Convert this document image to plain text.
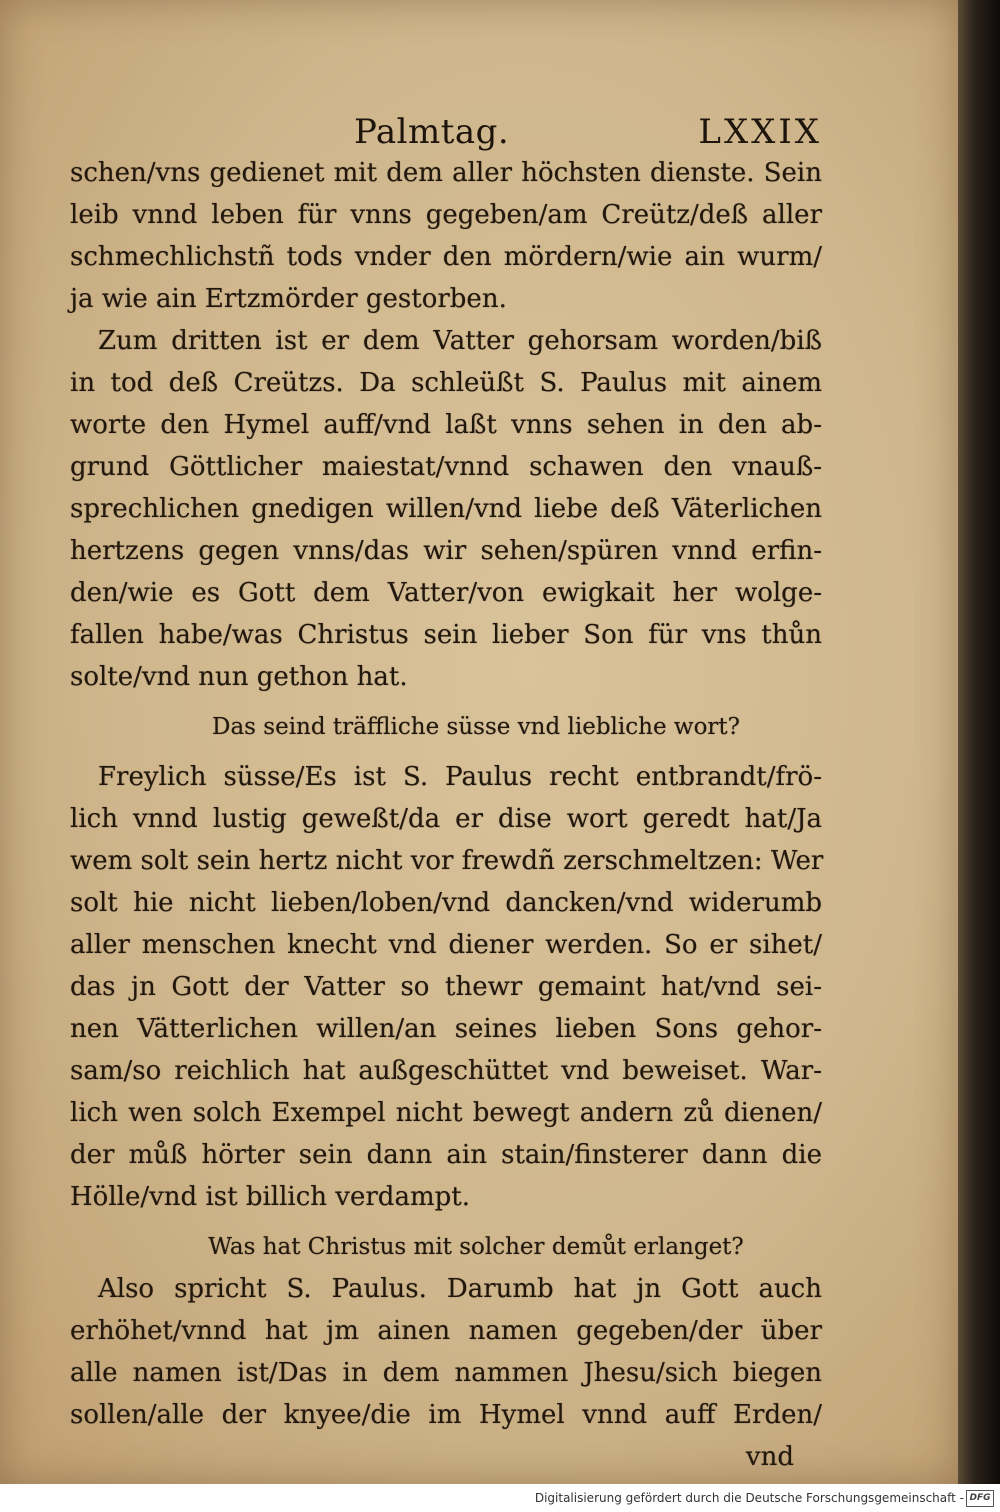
Palmtag.	LXXIX
schen/vns gedienet mit dem aller höchsten dienste. Sein
leib vnnd leben für vnns gegeben/am Creütz/deß aller
schmechlichstñ tods vnder den mördern/wie ain wurm/
ja wie ain Ertzmörder gestorben.
Zum dritten ist er dem Vatter gehorsam worden/biß
in tod deß Creützs. Da schleüßt S. Paulus mit ainem
worte den Hymel auff/vnd laßt vnns sehen in den ab-
grund Göttlicher maiestat/vnnd schawen den vnauß-
sprechlichen gnedigen willen/vnd liebe deß Väterlichen
hertzens gegen vnns/das wir sehen/spüren vnnd erfin-
den/wie es Gott dem Vatter/von ewigkait her wolge-
fallen habe/was Christus sein lieber Son für vns thůn
solte/vnd nun gethon hat.
Das seind träffliche süsse vnd liebliche wort?
Freylich süsse/Es ist S. Paulus recht entbrandt/frö-
lich vnnd lustig geweßt/da er dise wort geredt hat/Ja
wem solt sein hertz nicht vor frewdñ zerschmeltzen: Wer
solt hie nicht lieben/loben/vnd dancken/vnd widerumb
aller menschen knecht vnd diener werden. So er sihet/
das jn Gott der Vatter so thewr gemaint hat/vnd sei-
nen Vätterlichen willen/an seines lieben Sons gehor-
sam/so reichlich hat außgeschüttet vnd beweiset. War-
lich wen solch Exempel nicht bewegt andern zů dienen/
der můß hörter sein dann ain stain/finsterer dann die
Hölle/vnd ist billich verdampt.
Was hat Christus mit solcher demůt erlanget?
Also spricht S. Paulus. Darumb hat jn Gott auch
erhöhet/vnnd hat jm ainen namen gegeben/der über
alle namen ist/Das in dem nammen Jhesu/sich biegen
sollen/alle der knyee/die im Hymel vnnd auff Erden/
vnd
Digitalisierung gefördert durch die Deutsche Forschungsgemeinschaft - DFG
